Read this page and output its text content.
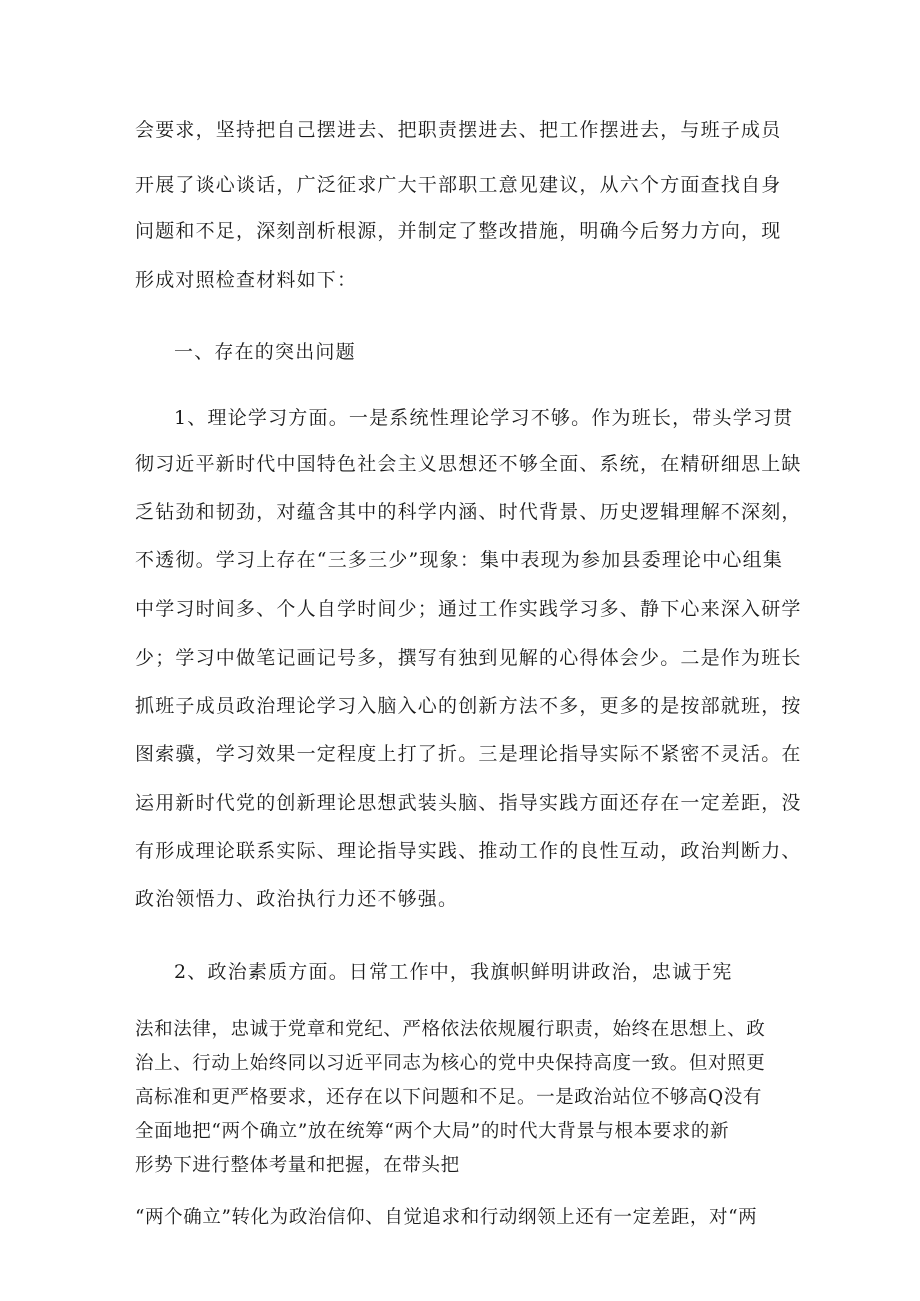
会要求，坚持把自己摆进去、把职责摆进去、把工作摆进去，与班子成员
开展了谈心谈话，广泛征求广大干部职工意见建议，从六个方面查找自身
问题和不足，深刻剖析根源，并制定了整改措施，明确今后努力方向，现
形成对照检查材料如下：
一、存在的突出问题
1、理论学习方面。一是系统性理论学习不够。作为班长，带头学习贯
彻习近平新时代中国特色社会主义思想还不够全面、系统，在精研细思上缺
乏钻劲和韧劲，对蕴含其中的科学内涵、时代背景、历史逻辑理解不深刻，
不透彻。学习上存在“三多三少”现象：集中表现为参加县委理论中心组集
中学习时间多、个人自学时间少；通过工作实践学习多、静下心来深入研学
少；学习中做笔记画记号多，撰写有独到见解的心得体会少。二是作为班长
抓班子成员政治理论学习入脑入心的创新方法不多，更多的是按部就班，按
图索骥，学习效果一定程度上打了折。三是理论指导实际不紧密不灵活。在
运用新时代党的创新理论思想武装头脑、指导实践方面还存在一定差距，没
有形成理论联系实际、理论指导实践、推动工作的良性互动，政治判断力、
政治领悟力、政治执行力还不够强。
2、政治素质方面。日常工作中，我旗帜鲜明讲政治，忠诚于宪
法和法律，忠诚于党章和党纪、严格依法依规履行职责，始终在思想上、政
治上、行动上始终同以习近平同志为核心的党中央保持高度一致。但对照更
高标准和更严格要求，还存在以下问题和不足。一是政治站位不够高Q没有
全面地把“两个确立”放在统筹“两个大局”的时代大背景与根本要求的新
形势下进行整体考量和把握，在带头把
“两个确立”转化为政治信仰、自觉追求和行动纲领上还有一定差距，对“两
